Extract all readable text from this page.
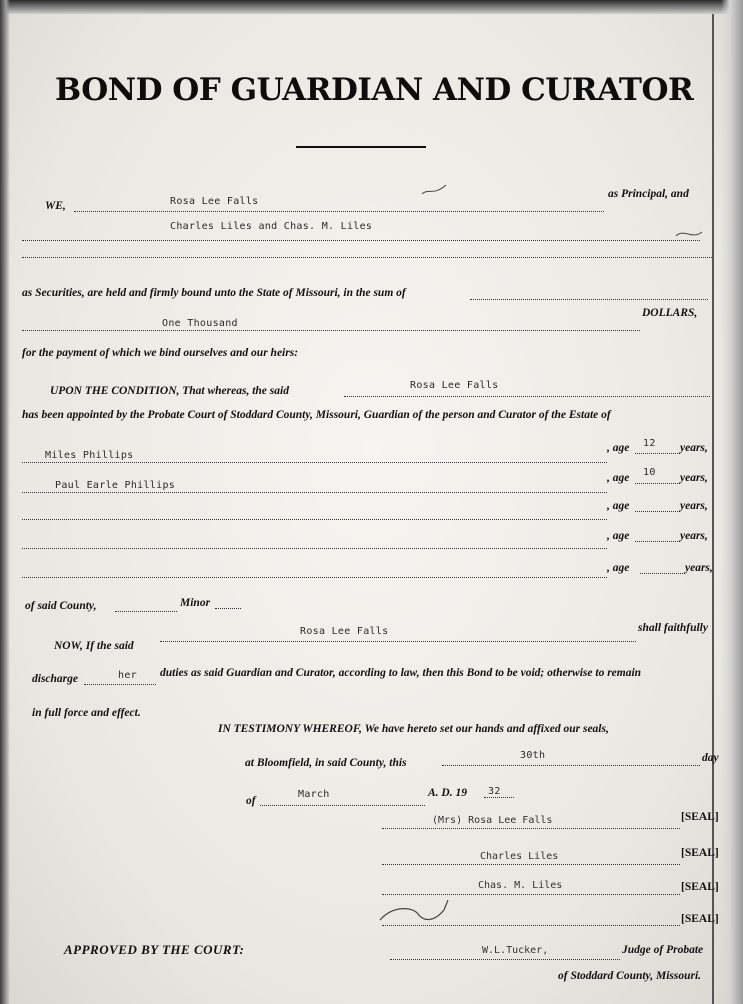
BOND OF GUARDIAN AND CURATOR
WE,	Rosa Lee Falls
as Principal, and
Charles Liles and Chas. M. Liles
as Securities, are held and firmly bound unto the State of Missouri, in the sum of
One Thousand
DOLLARS,
for the payment of which we bind ourselves and our heirs:
UPON THE CONDITION, That whereas, the said	Rosa Lee Falls
has been appointed by the Probate Court of Stoddard County, Missouri, Guardian of the person and Curator of the Estate of
Miles Phillips
, age 12 years,
Paul Earle Phillips
, age 10 years,
, age	years,
, age	years,
, age	years,
of said County,	Minor
NOW, If the said
Rosa Lee Falls	shall faithfully
discharge	her duties as said Guardian and Curator, according to law, then this Bond to be void; otherwise to remain
in full force and effect.
IN TESTIMONY WHEREOF, We have hereto set our hands and affixed our seals,
at Bloomfield, in said County, this
30th	day
of
March	A. D. 19 32
(Mrs) Rosa Lee Falls	[SEAL]
Charles Liles	[SEAL]
Chas. M. Liles	[SEAL]
[SEAL]
APPROVED BY THE COURT:	W.L.Tucker,	Judge of Probate
of Stoddard County, Missouri.
